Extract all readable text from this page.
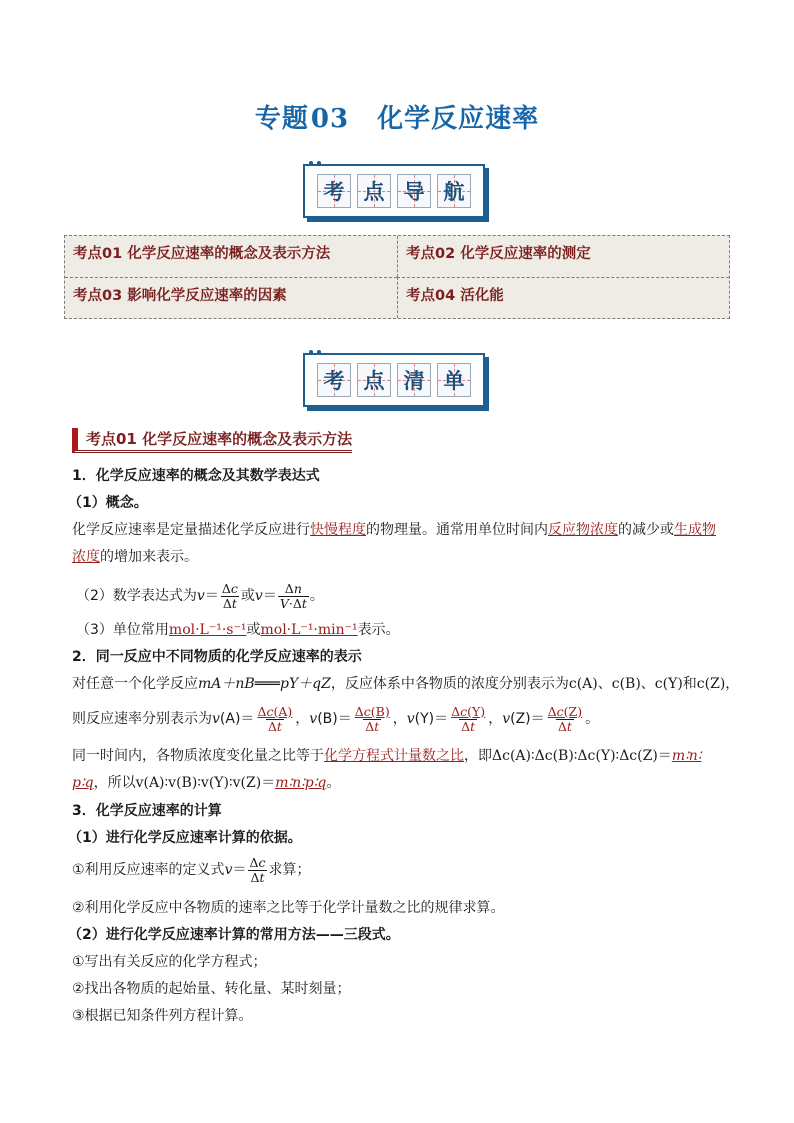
专题03 化学反应速率
考 点 导 航
考点01 化学反应速率的概念及表示方法	考点02 化学反应速率的测定
考点03 影响化学反应速率的因素	考点04 活化能
考 点 清 单
考点01 化学反应速率的概念及表示方法
1．化学反应速率的概念及其数学表达式
（1）概念。
化学反应速率是定量描述化学反应进行快慢程度的物理量。通常用单位时间内反应物浓度的减少或生成物
浓度的增加来表示。
（2）数学表达式为 $v = \frac{\Delta c}{\Delta t}$ 或 $v = \frac{\Delta n}{V\cdot\Delta t}$ 。
（3）单位常用mol·L⁻¹·s⁻¹或mol·L⁻¹·min⁻¹表示。
2．同一反应中不同物质的化学反应速率的表示
对任意一个化学反应mA＋nB═══pY＋qZ，反应体系中各物质的浓度分别表示为c(A)、c(B)、c(Y)和c(Z)，
则反应速率分别表示为 v $(A)= \frac{\Delta c(A)}{\Delta t}$ ， v $(B)= \frac{\Delta c(B)}{\Delta t}$ ， v $(Y)= \frac{\Delta c(Y)}{\Delta t}$ ， v $(Z)= \frac{\Delta c(Z)}{\Delta t}$ 。
同一时间内，各物质浓度变化量之比等于化学方程式计量数之比，即Δc(A)∶Δc(B)∶Δc(Y)∶Δc(Z)＝m∶n∶
p∶q，所以v(A)∶v(B)∶v(Y)∶v(Z)＝m∶n∶p∶q。
3．化学反应速率的计算
（1）进行化学反应速率计算的依据。
①利用反应速率的定义式 $v = \frac{\Delta c}{\Delta t}$ 求算；
②利用化学反应中各物质的速率之比等于化学计量数之比的规律求算。
（2）进行化学反应速率计算的常用方法——三段式。
①写出有关反应的化学方程式；
②找出各物质的起始量、转化量、某时刻量；
③根据已知条件列方程计算。
